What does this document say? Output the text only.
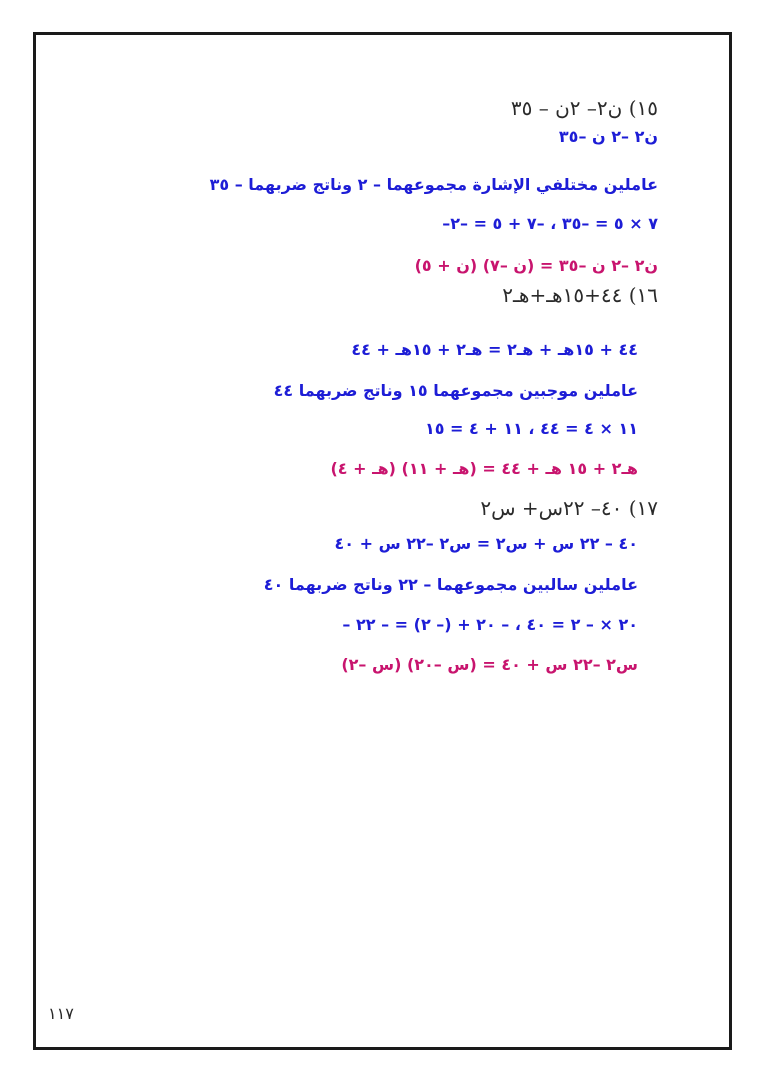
١٥) ن٢– ٢ن – ٣٥
ن٢ –٢ ن –٣٥
عاملين مختلفي الإشارة مجموعهما – ٢ وناتج ضربهما – ٣٥
–٧ × ٥ = –٣٥ ، –٧ + ٥ = –٢
ن٢ –٢ ن –٣٥ = (ن –٧) (ن + ٥)
١٦) ٤٤+١٥هـ+هـ٢
٤٤ + ١٥هـ + هـ٢ = هـ٢ + ١٥هـ + ٤٤
عاملين موجبين مجموعهما ١٥ وناتج ضربهما ٤٤
١١ × ٤ = ٤٤ ، ١١ + ٤ = ١٥
هـ٢ + ١٥ هـ + ٤٤ = (هـ + ١١) (هـ + ٤)
١٧) ٤٠– ٢٢س+ س٢
٤٠ – ٢٢ س + س٢ = س٢ –٢٢ س + ٤٠
عاملين سالبين مجموعهما – ٢٢ وناتج ضربهما ٤٠
– ٢٠ × – ٢ = ٤٠ ، – ٢٠ + (– ٢) = – ٢٢
س٢ –٢٢ س + ٤٠ = (س –٢٠) (س –٢)
١١٧
